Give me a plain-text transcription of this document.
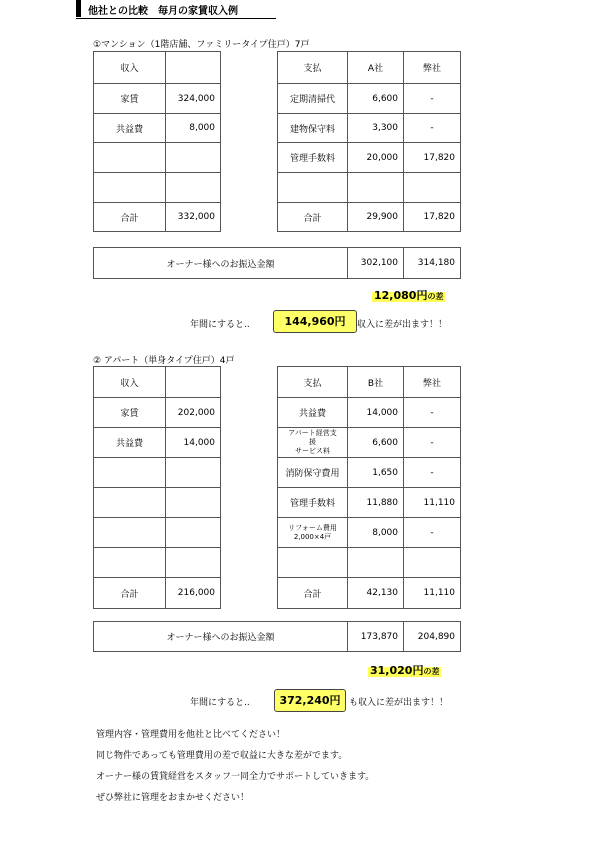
他社との比較　毎月の家賃収入例
①マンション（1階店舗、ファミリータイプ住戸）7戸
収入	
家賃	324,000
共益費	8,000

合計	332,000
支払	A社	弊社
定期清掃代	6,600	-
建物保守料	3,300	-
管理手数料	20,000	17,820

合計	29,900	17,820
オーナー様へのお振込金額	302,100	314,180
12,080円の差
年間にすると..	144,960円	収入に差が出ます！！
② アパート（単身タイプ住戸）4戸
収入	
家賃	202,000
共益費	14,000

合計	216,000
支払	B社	弊社
共益費	14,000	-
アパート経営支
援
サービス料	6,600	-
消防保守費用	1,650	-
管理手数料	11,880	11,110
リフォーム費用
2,000×4戸	8,000	-

合計	42,130	11,110
オーナー様へのお振込金額	173,870	204,890
31,020円の差
年間にすると..	372,240円 も収入に差が出ます！！

管理内容・管理費用を他社と比べてください！

同じ物件であっても管理費用の差で収益に大きな差がでます。

オーナー様の賃貸経営をスタッフ一同全力でサポートしていきます。

ぜひ弊社に管理をおまかせください！
